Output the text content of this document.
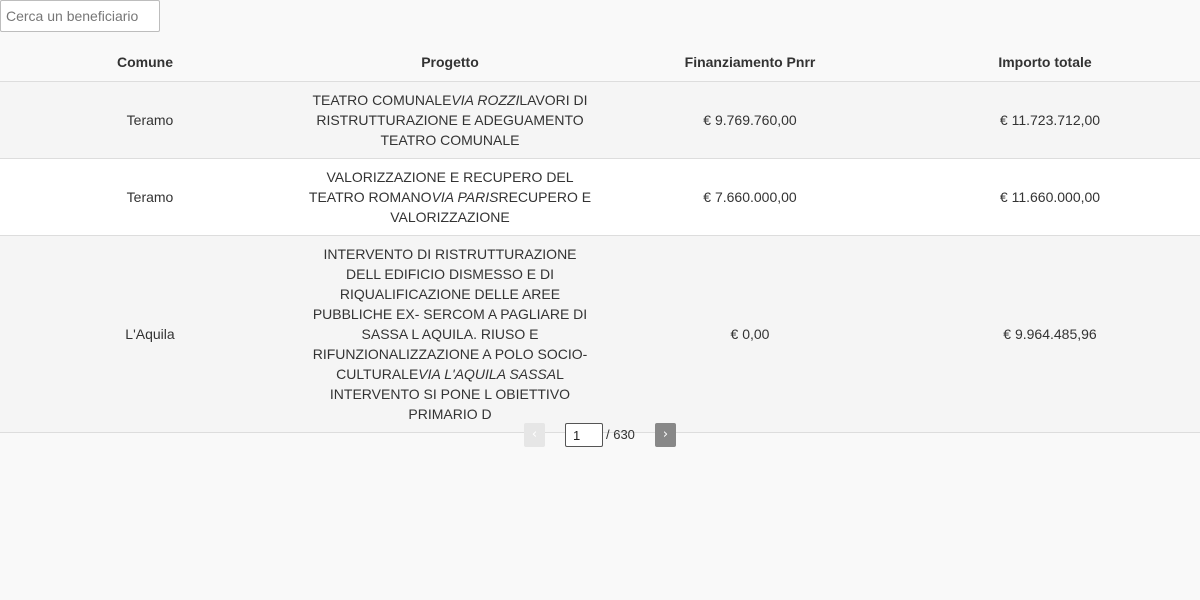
Cerca un beneficiario
Comune	Progetto	Finanziamento Pnrr	Importo totale
Teramo	TEATRO COMUNALEVIA ROZZILAVORI DI RISTRUTTURAZIONE E ADEGUAMENTO TEATRO COMUNALE	€ 9.769.760,00	€ 11.723.712,00
Teramo	VALORIZZAZIONE E RECUPERO DEL TEATRO ROMANOVIA PARISRECUPERO E VALORIZZAZIONE	€ 7.660.000,00	€ 11.660.000,00
L'Aquila	INTERVENTO DI RISTRUTTURAZIONE DELL EDIFICIO DISMESSO E DI RIQUALIFICAZIONE DELLE AREE PUBBLICHE EX- SERCOM A PAGLIARE DI SASSA L AQUILA. RIUSO E RIFUNZIONALIZZAZIONE A POLO SOCIO-CULTURALEVIA L'AQUILA SASSAL INTERVENTO SI PONE L OBIETTIVO PRIMARIO D	€ 0,00	€ 9.964.485,96
‹
1	/ 630	›
